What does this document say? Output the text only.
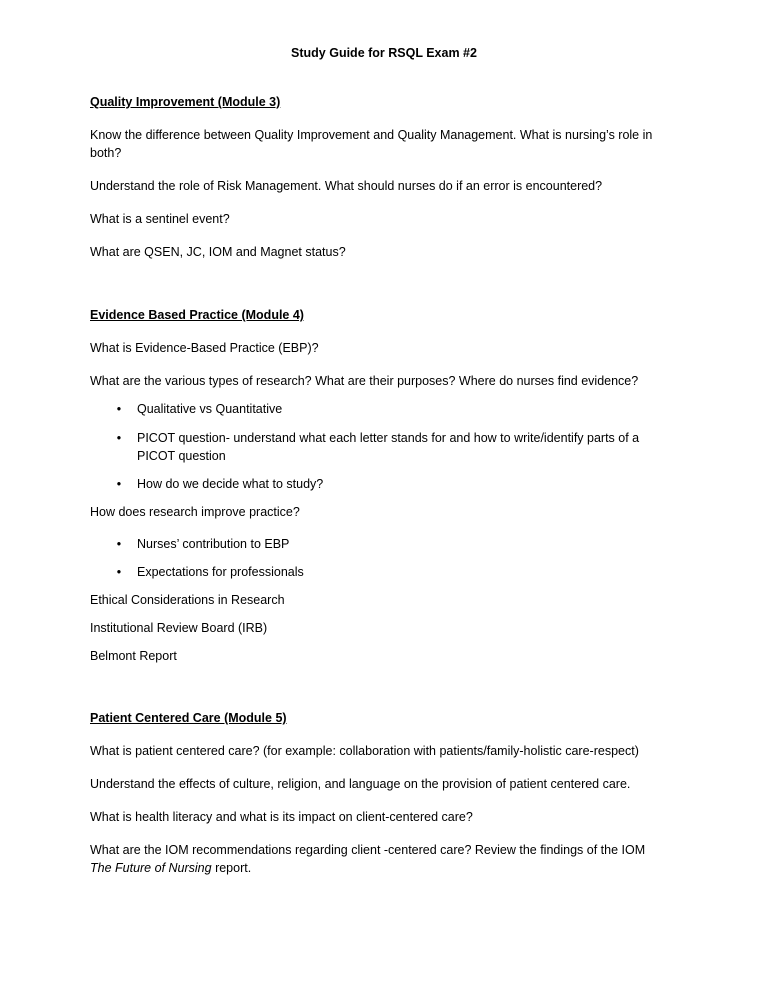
Study Guide for RSQL Exam #2
Quality Improvement (Module 3)
Know the difference between Quality Improvement and Quality Management. What is nursing’s role in
both?
Understand the role of Risk Management. What should nurses do if an error is encountered?
What is a sentinel event?
What are QSEN, JC, IOM and Magnet status?
Evidence Based Practice (Module 4)
What is Evidence-Based Practice (EBP)?
What are the various types of research? What are their purposes? Where do nurses find evidence?
• Qualitative vs Quantitative
• PICOT question- understand what each letter stands for and how to write/identify parts of a
PICOT question
• How do we decide what to study?
How does research improve practice?
• Nurses’ contribution to EBP
• Expectations for professionals
Ethical Considerations in Research
Institutional Review Board (IRB)
Belmont Report
Patient Centered Care (Module 5)
What is patient centered care? (for example: collaboration with patients/family-holistic care-respect)
Understand the effects of culture, religion, and language on the provision of patient centered care.
What is health literacy and what is its impact on client-centered care?
What are the IOM recommendations regarding client -centered care? Review the findings of the IOM
The Future of Nursing report.
